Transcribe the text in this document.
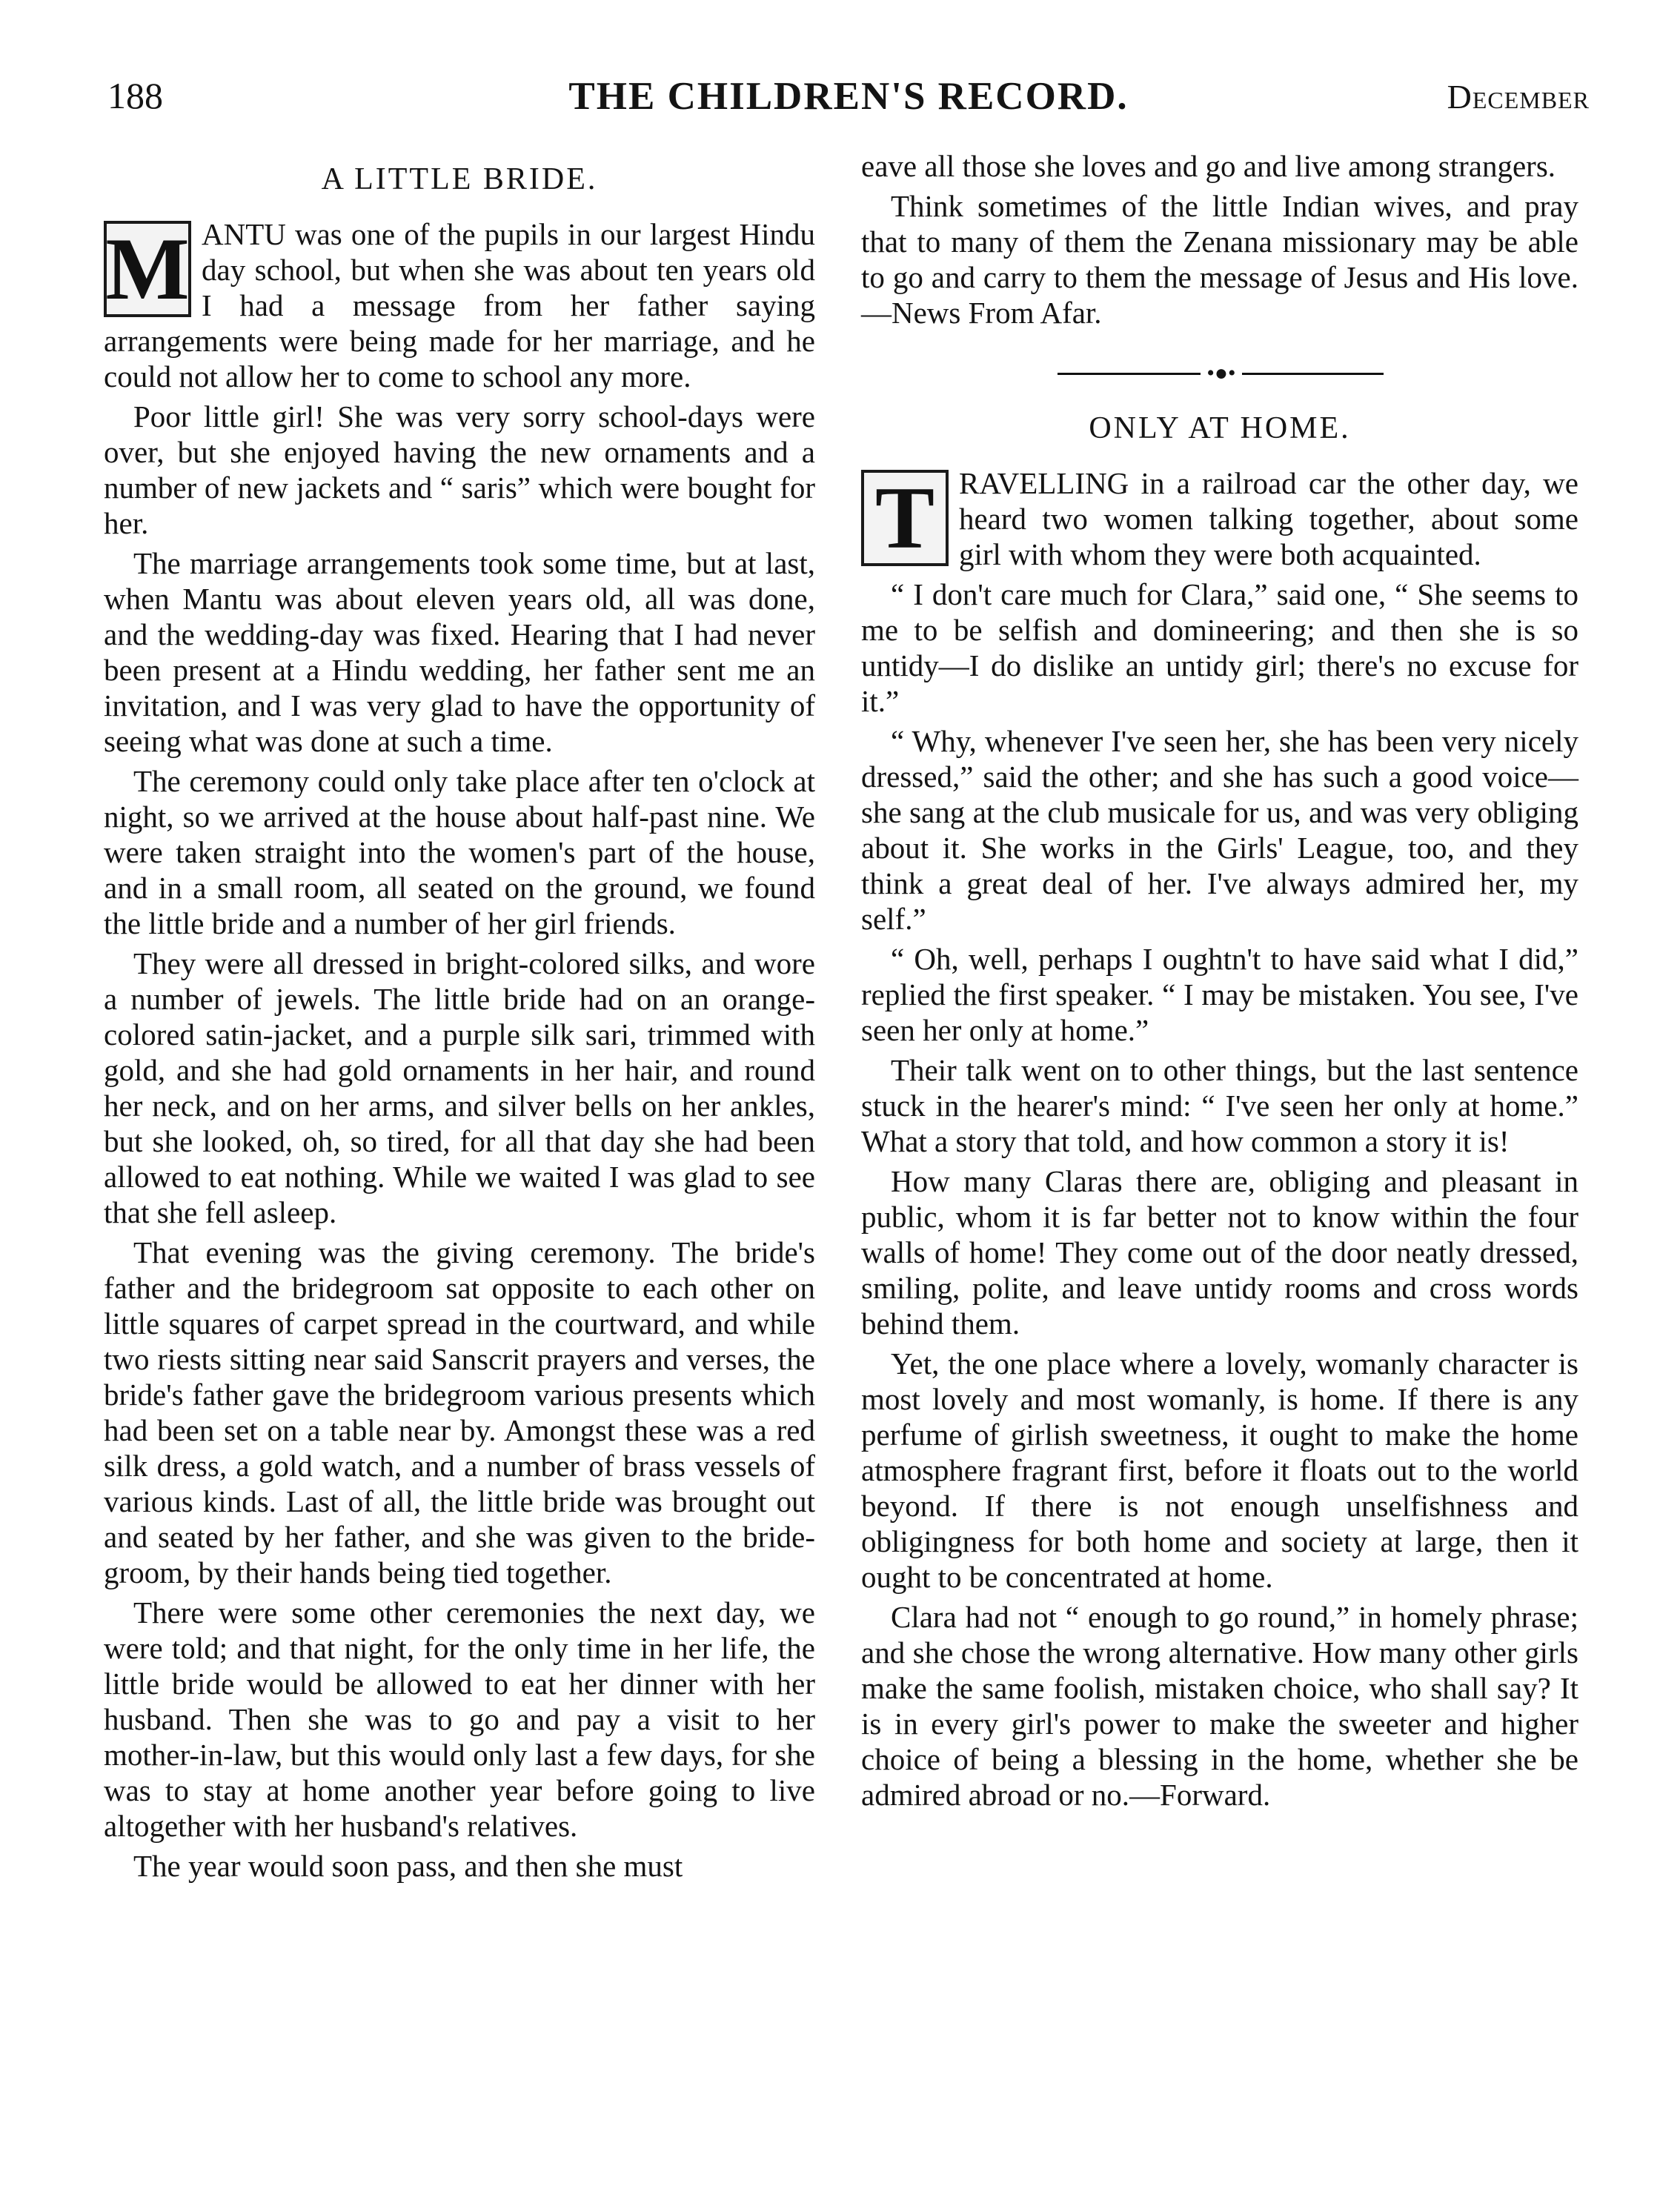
188	THE CHILDREN'S RECORD.	December
A LITTLE BRIDE.

M ANTU was one of the pupils in our largest Hindu day school, but when she was about ten years old I had a message from her father saying arrangements were being made for her marriage, and he could not allow her to come to school any more.

Poor little girl! She was very sorry school-days were over, but she enjoyed having the new ornaments and a number of new jackets and “ saris” which were bought for her.

The marriage arrangements took some time, but at last, when Mantu was about eleven years old, all was done, and the wedding-day was fixed. Hearing that I had never been present at a Hindu wedding, her father sent me an invitation, and I was very glad to have the opportunity of seeing what was done at such a time.

The ceremony could only take place after ten o'clock at night, so we arrived at the house about half-past nine. We were taken straight into the women's part of the house, and in a small room, all seated on the ground, we found the little bride and a number of her girl friends.

They were all dressed in bright-colored silks, and wore a number of jewels. The little bride had on an orange-colored satin-jacket, and a purple silk sari, trimmed with gold, and she had gold ornaments in her hair, and round her neck, and on her arms, and silver bells on her ankles, but she looked, oh, so tired, for all that day she had been allowed to eat nothing. While we waited I was glad to see that she fell asleep.

That evening was the giving ceremony. The bride's father and the bridegroom sat opposite to each other on little squares of carpet spread in the courtward, and while two riests sitting near said Sanscrit prayers and verses, the bride's father gave the bridegroom various presents which had been set on a table near by. Amongst these was a red silk dress, a gold watch, and a number of brass vessels of various kinds. Last of all, the little bride was brought out and seated by her father, and she was given to the bride-groom, by their hands being tied together.

There were some other ceremonies the next day, we were told; and that night, for the only time in her life, the little bride would be allowed to eat her dinner with her husband. Then she was to go and pay a visit to her mother-in-law, but this would only last a few days, for she was to stay at home another year before going to live altogether with her husband's relatives.

The year would soon pass, and then she must

eave all those she loves and go and live among strangers.

Think sometimes of the little Indian wives, and pray that to many of them the Zenana missionary may be able to go and carry to them the message of Jesus and His love.—News From Afar.

•●•
ONLY AT HOME.

T RAVELLING in a railroad car the other day, we heard two women talking together, about some girl with whom they were both acquainted.

“ I don't care much for Clara,” said one, “ She seems to me to be selfish and domineering; and then she is so untidy—I do dislike an untidy girl; there's no excuse for it.”

“ Why, whenever I've seen her, she has been very nicely dressed,” said the other; and she has such a good voice—she sang at the club musicale for us, and was very obliging about it. She works in the Girls' League, too, and they think a great deal of her. I've always admired her, my self.”

“ Oh, well, perhaps I oughtn't to have said what I did,” replied the first speaker. “ I may be mistaken. You see, I've seen her only at home.”

Their talk went on to other things, but the last sentence stuck in the hearer's mind: “ I've seen her only at home.” What a story that told, and how common a story it is!

How many Claras there are, obliging and pleasant in public, whom it is far better not to know within the four walls of home! They come out of the door neatly dressed, smiling, polite, and leave untidy rooms and cross words behind them.

Yet, the one place where a lovely, womanly character is most lovely and most womanly, is home. If there is any perfume of girlish sweetness, it ought to make the home atmosphere fragrant first, before it floats out to the world beyond. If there is not enough unselfishness and obligingness for both home and society at large, then it ought to be concentrated at home.

Clara had not “ enough to go round,” in homely phrase; and she chose the wrong alternative. How many other girls make the same foolish, mistaken choice, who shall say? It is in every girl's power to make the sweeter and higher choice of being a blessing in the home, whether she be admired abroad or no.—Forward.
